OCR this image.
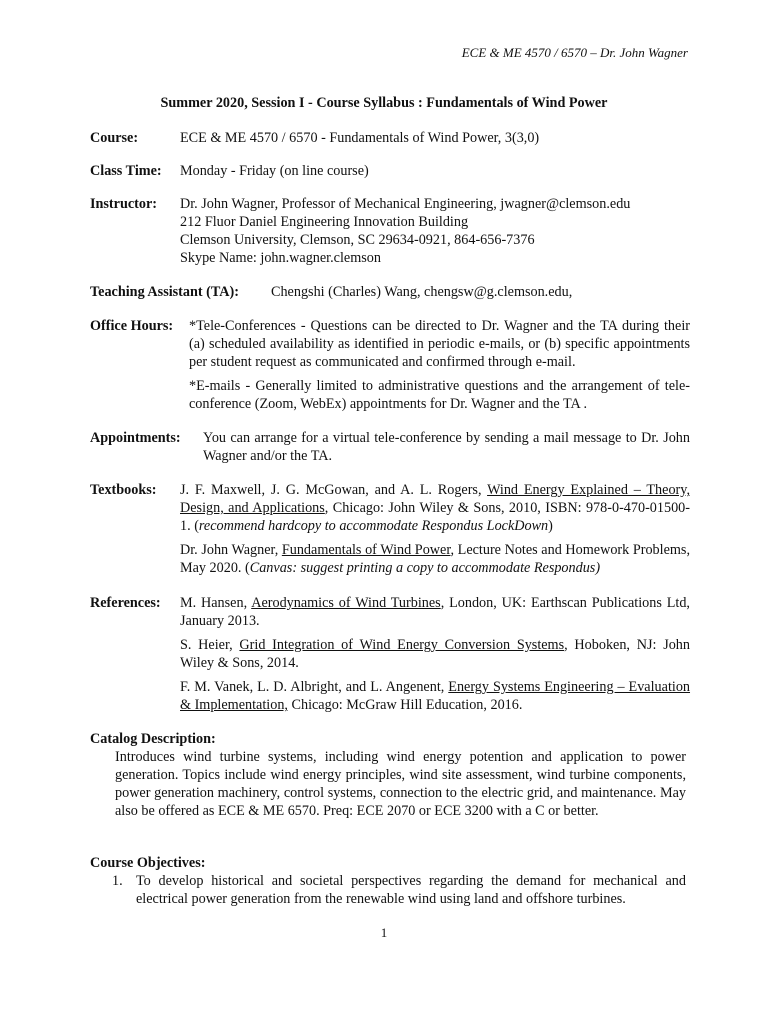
ECE & ME 4570 / 6570 – Dr. John Wagner
Summer 2020, Session I - Course Syllabus : Fundamentals of Wind Power
Course:	ECE & ME 4570 / 6570 - Fundamentals of Wind Power, 3(3,0)
Class Time: Monday - Friday (on line course)
Instructor: Dr. John Wagner, Professor of Mechanical Engineering, jwagner@clemson.edu
212 Fluor Daniel Engineering Innovation Building
Clemson University, Clemson, SC 29634-0921, 864-656-7376
Skype Name: john.wagner.clemson
Teaching Assistant (TA): Chengshi (Charles) Wang, chengsw@g.clemson.edu,
Office Hours: *Tele-Conferences - Questions can be directed to Dr. Wagner and the TA during their (a) scheduled availability as identified in periodic e-mails, or (b) specific appointments per student request as communicated and confirmed through e-mail.
*E-mails - Generally limited to administrative questions and the arrangement of tele-conference (Zoom, WebEx) appointments for Dr. Wagner and the TA .
Appointments: You can arrange for a virtual tele-conference by sending a mail message to Dr. John Wagner and/or the TA.
Textbooks: J. F. Maxwell, J. G. McGowan, and A. L. Rogers, Wind Energy Explained – Theory, Design, and Applications, Chicago: John Wiley & Sons, 2010, ISBN: 978-0-470-01500-1. (recommend hardcopy to accommodate Respondus LockDown)
Dr. John Wagner, Fundamentals of Wind Power, Lecture Notes and Homework Problems, May 2020. (Canvas: suggest printing a copy to accommodate Respondus)
References: M. Hansen, Aerodynamics of Wind Turbines, London, UK: Earthscan Publications Ltd, January 2013.
S. Heier, Grid Integration of Wind Energy Conversion Systems, Hoboken, NJ: John Wiley & Sons, 2014.
F. M. Vanek, L. D. Albright, and L. Angenent, Energy Systems Engineering – Evaluation & Implementation, Chicago: McGraw Hill Education, 2016.
Catalog Description:
Introduces wind turbine systems, including wind energy potention and application to power generation. Topics include wind energy principles, wind site assessment, wind turbine components, power generation machinery, control systems, connection to the electric grid, and maintenance. May also be offered as ECE & ME 6570. Preq: ECE 2070 or ECE 3200 with a C or better.
Course Objectives:
1. To develop historical and societal perspectives regarding the demand for mechanical and electrical power generation from the renewable wind using land and offshore turbines.
1
